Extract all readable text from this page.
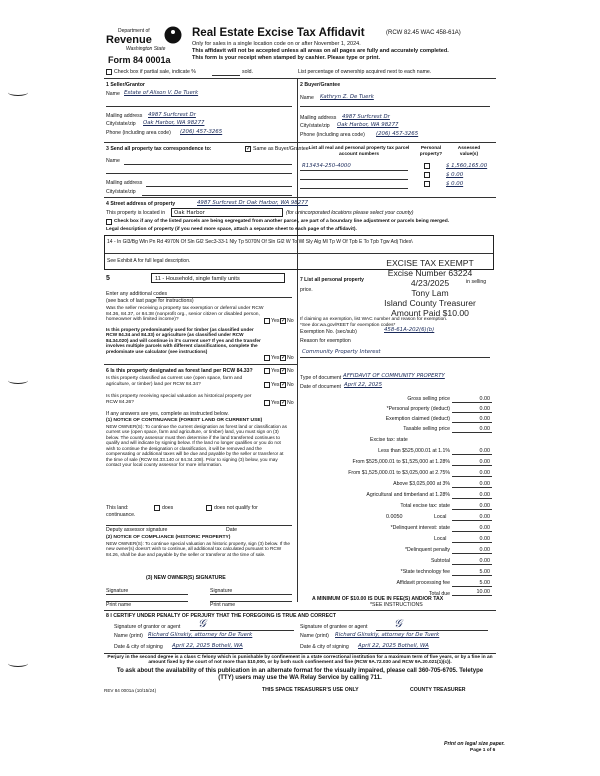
Department of
Revenue
Washington State
Form 84 0001a
Real Estate Excise Tax Affidavit	(RCW 82.45 WAC 458-61A)
Only for sales in a single location code on or after November 1, 2024.
This affidavit will not be accepted unless all areas on all pages are fully and accurately completed.
This form is your receipt when stamped by cashier. Please type or print.
Check box if partial sale, indicate %	sold.	List percentage of ownership acquired next to each name.
1 Seller/Grantor
Name Estate of Alison V. De Tuerk
Mailing address 4987 Surfcrest Dr
City/state/zip Oak Harbor, WA 98277
Phone (including area code) (206) 457-3265
2 Buyer/Grantee
Name Kathryn Z. De Tuerk
Mailing address 4987 Surfcrest Dr
City/state/zip Oak Harbor, WA 98277
Phone (including area code) (206) 457-3265
3 Send all property tax correspondence to:	✓ Same as Buyer/Grantee
Name
Mailing address
City/state/zip
List all real and personal property tax parcel account numbers
Personal property?
Assessed value(s)
R13434-250-4000	$ 1,560,165.00
$ 0.00
$ 0.00
4 Street address of property	4987 Surfcrest Dr Oak Harbor, WA 98277
This property is located in Oak Harbor	(for unincorporated locations please select your county)
Check box if any of the listed parcels are being segregated from another parcel, are part of a boundary line adjustment or parcels being merged.
Legal description of property (if you need more space, attach a separate sheet to each page of the affidavit).
14 - In Gl3/Bg Wln Pn Rd 4970N Of Sln Gl2 Sec3-33-1 Nly Tp 5070N Of Sln Gl2 W To Wl Sly Alg Ml Tp W Of Tpb E To Tpb Tgw Adj Tides\
See Exhibit A for full legal description.	EXCISE TAX EXEMPT
Excise Number 63224
4/23/2025
Tony Lam
Island County Treasurer
Amount Paid $10.00
5	11 - Household, single family units
Enter any additional codes
(see back of last page for instructions)
Was the seller receiving a property tax exemption or deferral under RCW 84.36, 84.37, or 84.38 (nonprofit org., senior citizen or disabled person, homeowner with limited income)?	Yes ✓ No
Is this property predominately used for timber (as classified under RCW 84.34 and 84.33) or agriculture (as classified under RCW 84.34.020) and will continue in it's current use? If yes and the transfer involves multiple parcels with different classifications, complete the predominate use calculator (see instructions)
Yes ✓ No
6 Is this property designated as forest land per RCW 84.33?	Yes ✓ No
Is this property classified as current use (open space, farm and agriculture, or timber) land per RCW 84.34?	Yes ✓ No
Is this property receiving special valuation as historical property per RCW 84.26?	Yes ✓ No
If any answers are yes, complete as instructed below.
(1) NOTICE OF CONTINUANCE (FOREST LAND OR CURRENT USE)
NEW OWNER(S): To continue the current designation as forest land or classification as current use (open space, farm and agriculture, or timber) land, you must sign on (3) below. The county assessor must then determine if the land transferred continues to qualify and will indicate by signing below. If the land no longer qualifies or you do not wish to continue the designation or classification, it will be removed and the compensating or additional taxes will be due and payable by the seller or transferor at the time of sale (RCW 84.33.140 or 84.34.108). Prior to signing (3) below, you may contact your local county assessor for more information.
This land:	does	does not qualify for
continuance.
Deputy assessor signature	Date
(2) NOTICE OF COMPLIANCE (HISTORIC PROPERTY)
NEW OWNER(S): To continue special valuation as historic property, sign (3) below. If the new owner(s) doesn't wish to continue, all additional tax calculated pursuant to RCW 84.26, shall be due and payable by the seller or transferor at the time of sale.
(3) NEW OWNER(S) SIGNATURE
Signature	Signature
Print name	Print name
7 List all personal property
price.
in selling
If claiming an exemption, list WAC number and reason for exemption. *See dor.wa.gov/REET for exemption codes*
Exemption No. (sec/sub)	458-61A-202(6)(b)
Reason for exemption
Community Property Interest
Type of document AFFIDAVIT OF COMMUNITY PROPERTY
Date of document April 22, 2025
Gross selling price	0.00
*Personal property (deduct)	0.00
Exemption claimed (deduct)	0.00
Taxable selling price	0.00
Excise tax: state
Less than $525,000.01 at 1.1%	0.00
From $525,000.01 to $1,525,000 at 1.28%	0.00
From $1,525,000.01 to $3,025,000 at 2.75%	0.00
Above $3,025,000 at 3%	0.00
Agricultural and timberland at 1.28%	0.00
Total excise tax: state	0.00
0.0050	Local	0.00
*Delinquent interest: state	0.00
Local	0.00
*Delinquent penalty	0.00
Subtotal	0.00
*State technology fee	5.00
Affidavit processing fee	5.00
Total due	10.00
A MINIMUM OF $10.00 IS DUE IN FEE(S) AND/OR TAX
*SEE INSTRUCTIONS
8 I CERTIFY UNDER PENALTY OF PERJURY THAT THE FOREGOING IS TRUE AND CORRECT
Signature of grantor or agent 𝒢	Signature of grantee or agent 𝒢
Name (print) Richard Glinskiy, attorney for De Tuerk	Name (print) Richard Glinskiy, attorney for De Tuerk
Date & city of signing April 22, 2025 Bothell, WA	Date & city of signing April 22, 2025 Bothell, WA
Perjury in the second degree is a class C felony which is punishable by confinement in a state correctional institution for a maximum term of five years, or by a fine in an amount fixed by the court of not more than $10,000, or by both such confinement and fine (RCW 9A.72.030 and RCW 9A.20.021(1)(c)).
To ask about the availability of this publication in an alternate format for the visually impaired, please call 360-705-6705. Teletype
(TTY) users may use the WA Relay Service by calling 711.
REV 84 0001a (10/15/24)	THIS SPACE TREASURER'S USE ONLY	COUNTY TREASURER
Print on legal size paper.
Page 1 of 6
